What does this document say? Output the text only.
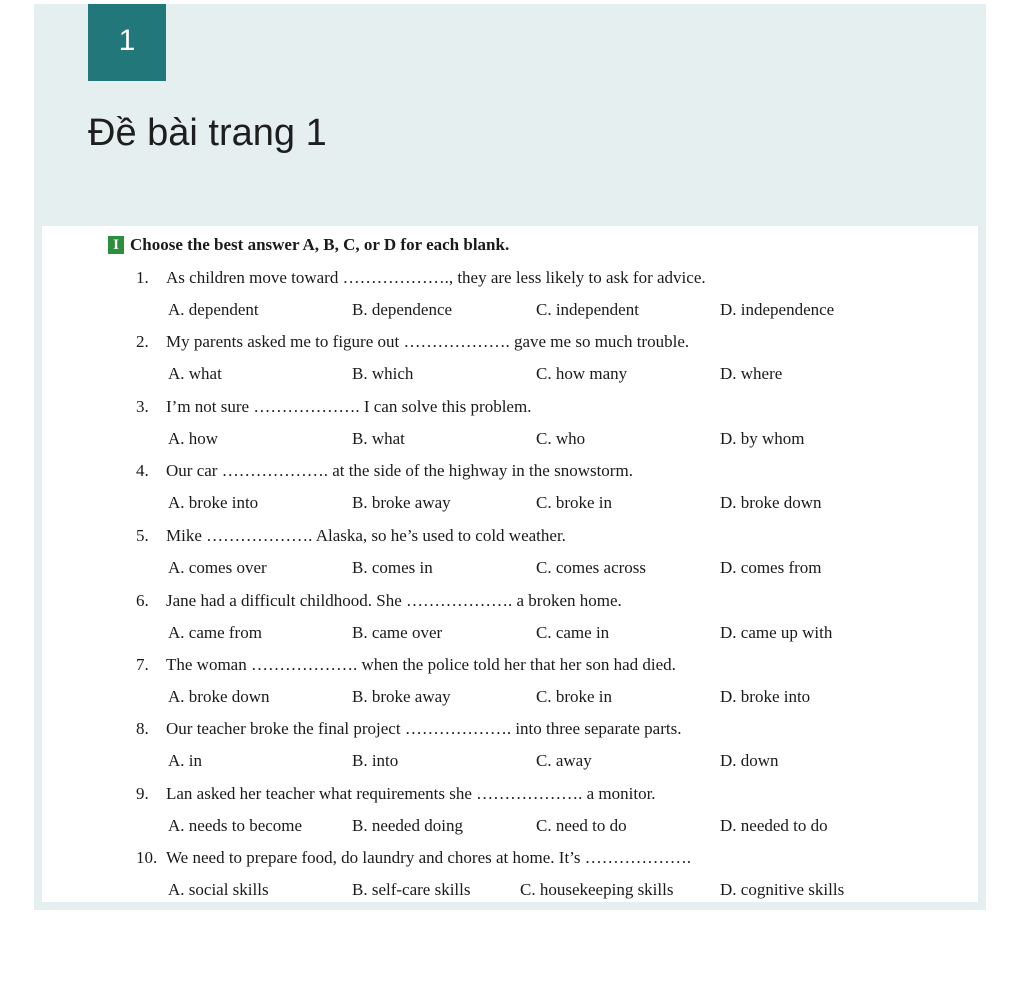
1
Đề bài trang 1
I Choose the best answer A, B, C, or D for each blank.
1. As children move toward ………………., they are less likely to ask for advice.
A. dependent	B. dependence	C. independent	D. independence
2. My parents asked me to figure out ………………. gave me so much trouble.
A. what	B. which	C. how many	D. where
3. I’m not sure ………………. I can solve this problem.
A. how	B. what	C. who	D. by whom
4. Our car ………………. at the side of the highway in the snowstorm.
A. broke into	B. broke away	C. broke in	D. broke down
5. Mike ………………. Alaska, so he’s used to cold weather.
A. comes over	B. comes in	C. comes across	D. comes from
6. Jane had a difficult childhood. She ………………. a broken home.
A. came from	B. came over	C. came in	D. came up with
7. The woman ………………. when the police told her that her son had died.
A. broke down	B. broke away	C. broke in	D. broke into
8. Our teacher broke the final project ………………. into three separate parts.
A. in	B. into	C. away	D. down
9. Lan asked her teacher what requirements she ………………. a monitor.
A. needs to become	B. needed doing	C. need to do	D. needed to do
10. We need to prepare food, do laundry and chores at home. It’s ……………….
A. social skills	B. self-care skills	C. housekeeping skills	D. cognitive skills
